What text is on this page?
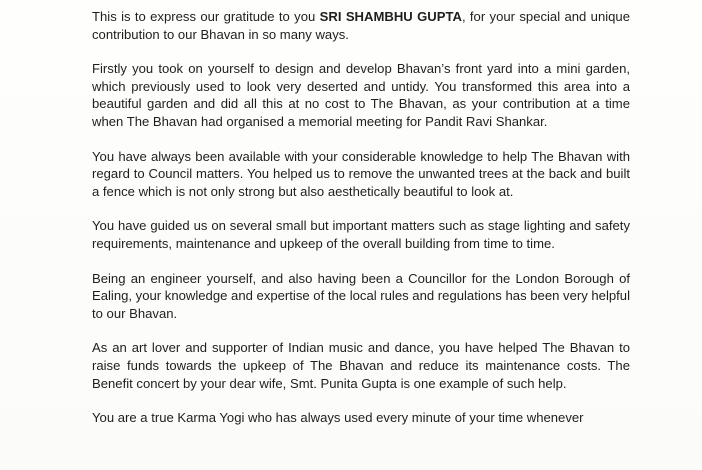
This is to express our gratitude to you SRI SHAMBHU GUPTA, for your special and unique contribution to our Bhavan in so many ways.

Firstly you took on yourself to design and develop Bhavan’s front yard into a mini garden, which previously used to look very deserted and untidy. You transformed this area into a beautiful garden and did all this at no cost to The Bhavan, as your contribution at a time when The Bhavan had organised a memorial meeting for Pandit Ravi Shankar.

You have always been available with your considerable knowledge to help The Bhavan with regard to Council matters. You helped us to remove the unwanted trees at the back and built a fence which is not only strong but also aesthetically beautiful to look at.

You have guided us on several small but important matters such as stage lighting and safety requirements, maintenance and upkeep of the overall building from time to time.

Being an engineer yourself, and also having been a Councillor for the London Borough of Ealing, your knowledge and expertise of the local rules and regulations has been very helpful to our Bhavan.

As an art lover and supporter of Indian music and dance, you have helped The Bhavan to raise funds towards the upkeep of The Bhavan and reduce its maintenance costs. The Benefit concert by your dear wife, Smt. Punita Gupta is one example of such help.

You are a true Karma Yogi who has always used every minute of your time whenever
